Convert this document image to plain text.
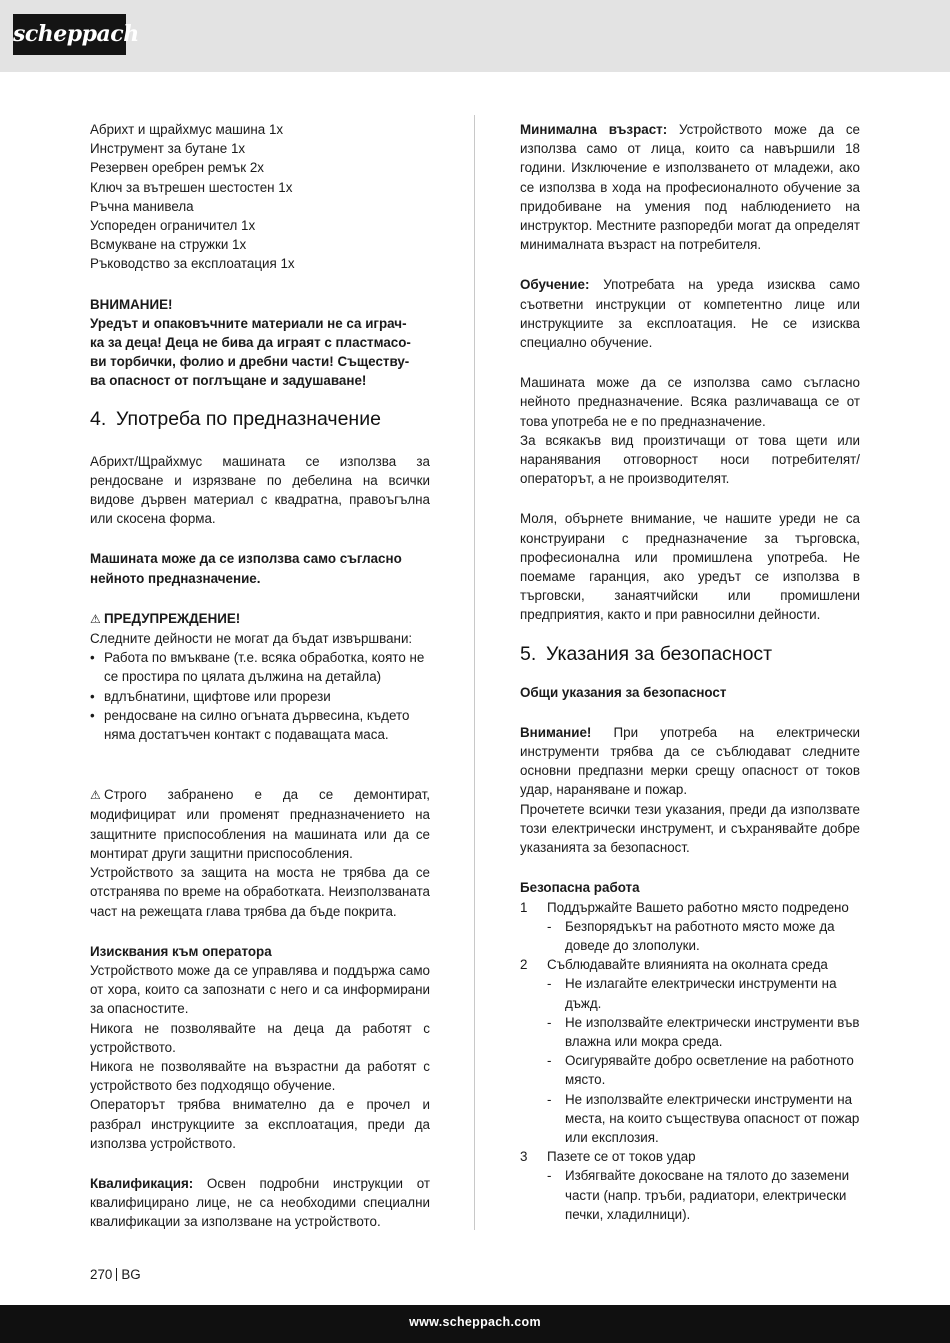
scheppach
Абрихт и щрайхмус машина 1x
Инструмент за бутане 1x
Резервен оребрен ремък 2x
Ключ за вътрешен шестостен 1x
Ръчна манивела
Успореден ограничител 1x
Всмукване на стружки 1x
Ръководство за експлоатация 1x
ВНИМАНИЕ!
Уредът и опаковъчните материали не са играч-
ка за деца! Деца не бива да играят с пластмасо-
ви торбички, фолио и дребни части! Съществу-
ва опасност от поглъщане и задушаване!
4. Употреба по предназначение

Абрихт/Щрайхмус машината се използва за рендосване и изрязване по дебелина на всички видове дървен материал с квадратна, правоъгълна или скосена форма.

Машината може да се използва само съгласно нейното предназначение.

⚠ ПРЕДУПРЕЖДЕНИЕ!
Следните дейности не могат да бъдат извършвани:
• Работа по вмъкване (т.е. всяка обработка, която не се простира по цялата дължина на детайла)
• вдлъбнатини, щифтове или прорези
• рендосване на силно огъната дървесина, където няма достатъчен контакт с подаващата маса.

⚠ Строго забранено е да се демонтират, модифицират или променят предназначението на защитните приспособления на машината или да се монтират други защитни приспособления.

Устройството за защита на моста не трябва да се отстранява по време на обработката. Неизползваната част на режещата глава трябва да бъде покрита.

Изисквания към оператора

Устройството може да се управлява и поддържа само от хора, които са запознати с него и са информирани за опасностите.

Никога не позволявайте на деца да работят с устройството.

Никога не позволявайте на възрастни да работят с устройството без подходящо обучение.

Операторът трябва внимателно да е прочел и разбрал инструкциите за експлоатация, преди да използва устройството.

Квалификация: Освен подробни инструкции от квалифицирано лице, не са необходими специални квалификации за използване на устройството.

Минимална възраст: Устройството може да се използва само от лица, които са навършили 18 години. Изключение е използването от младежи, ако се използва в хода на професионалното обучение за придобиване на умения под наблюдението на инструктор. Местните разпоредби могат да определят минималната възраст на потребителя.

Обучение: Употребата на уреда изисква само съответни инструкции от компетентно лице или инструкциите за експлоатация. Не се изисква специално обучение.

Машината може да се използва само съгласно нейното предназначение. Всяка различаваща се от това употреба не е по предназначение.

За всякакъв вид произтичащи от това щети или наранявания отговорност носи потребителят/операторът, а не производителят.

Моля, обърнете внимание, че нашите уреди не са конструирани с предназначение за търговска, професионална или промишлена употреба. Не поемаме гаранция, ако уредът се използва в търговски, занаятчийски или промишлени предприятия, както и при равносилни дейности.

5. Указания за безопасност
Общи указания за безопасност

Внимание! При употреба на електрически инструменти трябва да се съблюдават следните основни предпазни мерки срещу опасност от токов удар, нараняване и пожар.

Прочетете всички тези указания, преди да използвате този електрически инструмент, и съхранявайте добре указанията за безопасност.

Безопасна работа
1 Поддържайте Вашето работно място подредено
- Безпорядъкът на работното място може да доведе до злополуки.
2 Съблюдавайте влиянията на околната среда
- Не излагайте електрически инструменти на дъжд.
- Не използвайте електрически инструменти във влажна или мокра среда.
- Осигурявайте добро осветление на работното място.
- Не използвайте електрически инструменти на места, на които съществува опасност от пожар или експлозия.
3 Пазете се от токов удар
- Избягвайте докосване на тялото до заземени части (напр. тръби, радиатори, електрически печки, хладилници).
270 BG
www.scheppach.com
